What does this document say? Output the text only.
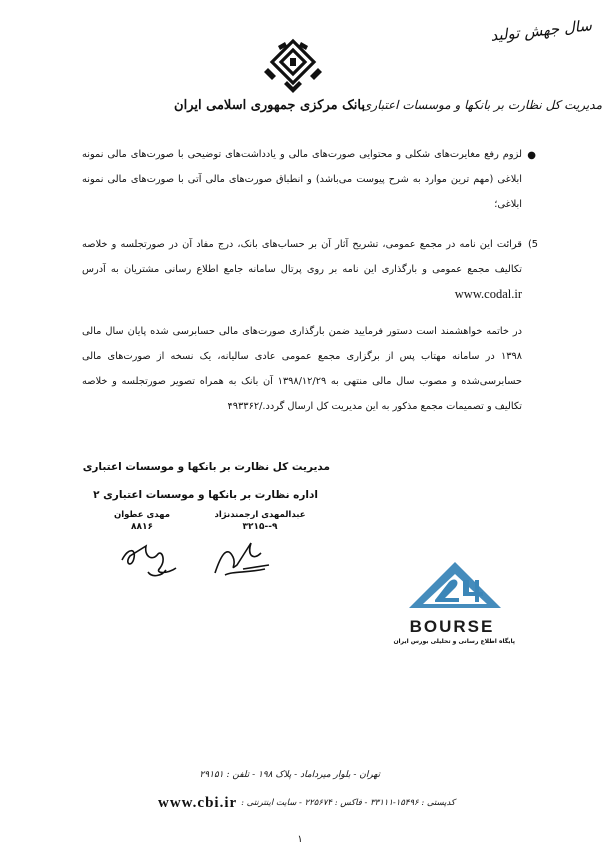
سال جهش تولید
بانک مرکزی جمهوری اسلامی ایران
مدیریت کل نظارت بر بانکها و موسسات اعتباری
●
لزوم رفع مغایرت‌های شکلی و محتوایی صورت‌های مالی و یادداشت‌های توضیحی با صورت‌های مالی نمونه ابلاغی (مهم ترین موارد به شرح پیوست می‌باشد) و انطباق صورت‌های مالی آتی با صورت‌های مالی نمونه ابلاغی؛
5)
قرائت این نامه در مجمع عمومی، تشریح آثار آن بر حساب‌های بانک، درج مفاد آن در صورتجلسه و خلاصه تکالیف مجمع عمومی و بارگذاری این نامه بر روی پرتال سامانه جامع اطلاع رسانی مشتریان به آدرس www.codal.ir
در خاتمه خواهشمند است دستور فرمایید ضمن بارگذاری صورت‌های مالی حسابرسی شده پایان سال مالی ۱۳۹۸ در سامانه مهتاب پس از برگزاری مجمع عمومی عادی سالیانه، یک نسخه از صورت‌های مالی حسابرسی‌شده و مصوب سال مالی منتهی به ۱۳۹۸/۱۲/۲۹ آن بانک به همراه تصویر صورتجلسه و خلاصه تکالیف و تصمیمات مجمع مذکور به این مدیریت کل ارسال گردد./۴۹۳۳۶۲
مدیریت کل نظارت بر بانکها و موسسات اعتباری
اداره نظارت بر بانکها و موسسات اعتباری ۲
عبدالمهدی ارجمندنژاد
۹--۳۲۱۵
مهدی عطوان
۸۸۱۶
BOURSE
پایگاه اطلاع رسانی و تحلیلی بورس ایران
تهران - بلوار میرداماد - پلاک ۱۹۸ - تلفن : ۲۹۱۵۱
کدپستی : ۱۵۴۹۶-۳۳۱۱۱ - فاکس : ۲۲۵۶۷۴ - سایت اینترنتی :
www.cbi.ir
۱
